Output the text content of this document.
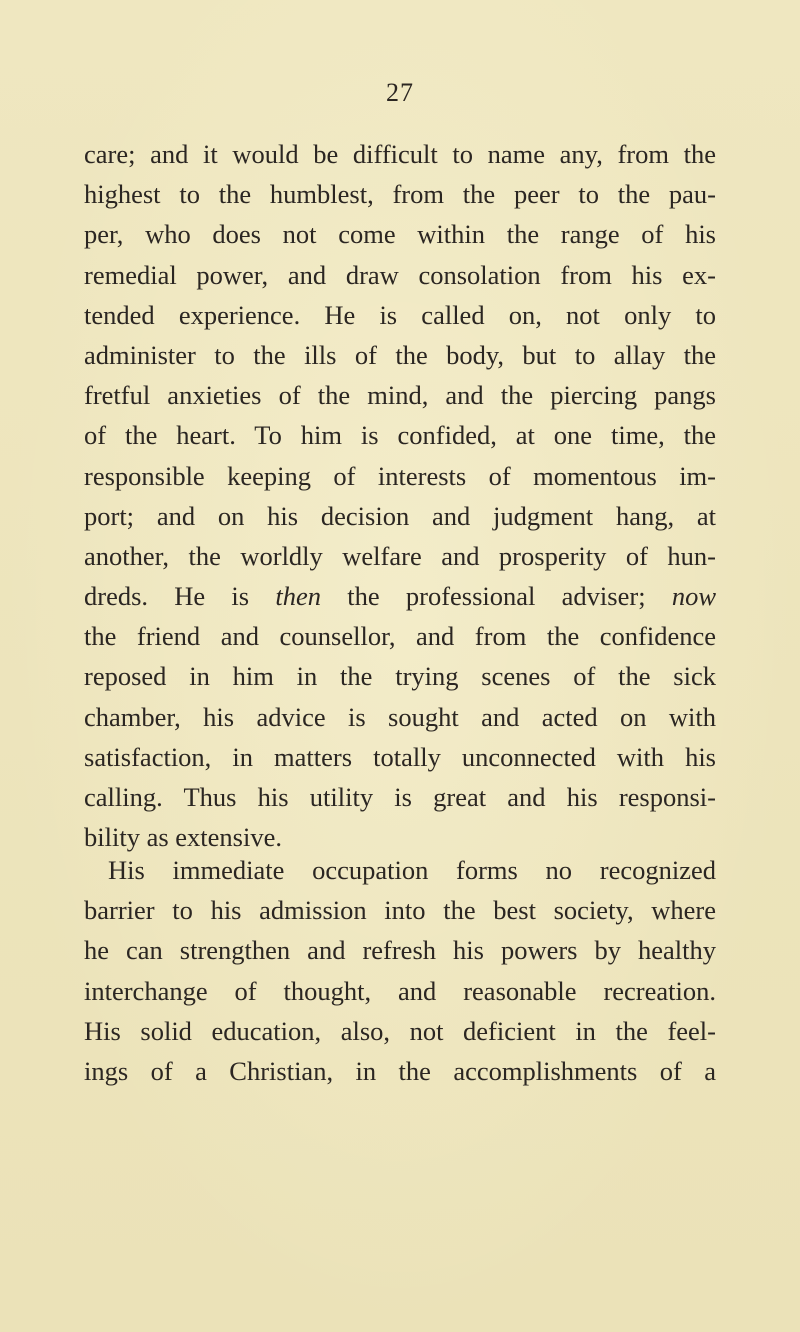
27
care; and it would be difficult to name any, from the
highest to the humblest, from the peer to the pau-
per, who does not come within the range of his
remedial power, and draw consolation from his ex-
tended experience. He is called on, not only to
administer to the ills of the body, but to allay the
fretful anxieties of the mind, and the piercing pangs
of the heart. To him is confided, at one time, the
responsible keeping of interests of momentous im-
port; and on his decision and judgment hang, at
another, the worldly welfare and prosperity of hun-
dreds. He is then the professional adviser; now
the friend and counsellor, and from the confidence
reposed in him in the trying scenes of the sick
chamber, his advice is sought and acted on with
satisfaction, in matters totally unconnected with his
calling. Thus his utility is great and his responsi-
bility as extensive.
His immediate occupation forms no recognized
barrier to his admission into the best society, where
he can strengthen and refresh his powers by healthy
interchange of thought, and reasonable recreation.
His solid education, also, not deficient in the feel-
ings of a Christian, in the accomplishments of a
